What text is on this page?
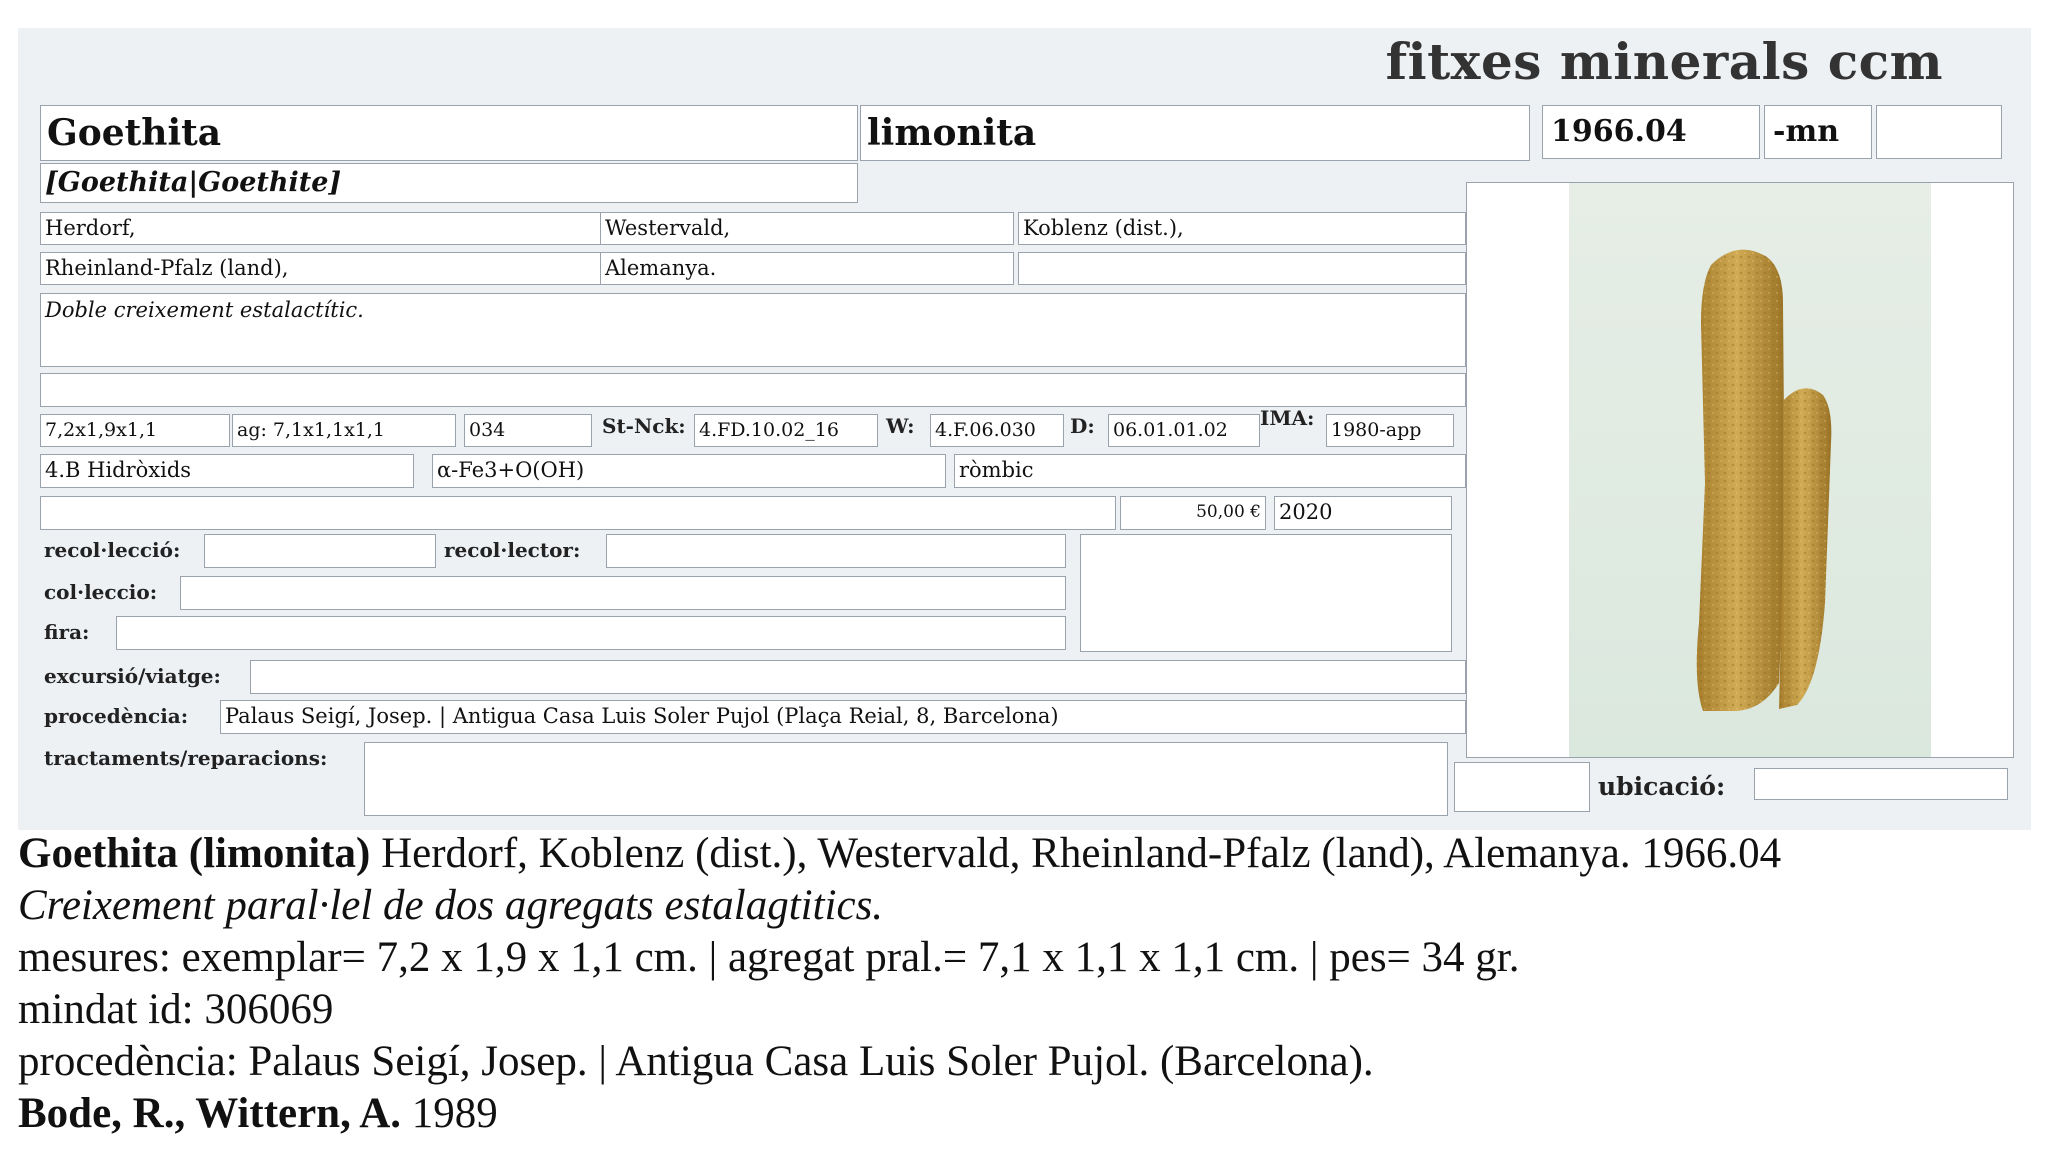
fitxes minerals ccm
Goethita	limonita	1966.04	-mn
[Goethita|Goethite]
Herdorf,	Westervald,	Koblenz (dist.),
Rheinland-Pfalz (land),	Alemanya.
Doble creixement estalactític.
7,2x1,9x1,1	ag: 7,1x1,1x1,1	034	St-Nck: 4.FD.10.02_16	W: 4.F.06.030	D: 06.01.01.02	IMA: 1980-app
4.B Hidròxids	α-Fe3+O(OH)	ròmbic
50,00 € 2020
recol·lecció:	recol·lector:
col·leccio:
fira:
excursió/viatge:
procedència: Palaus Seigí, Josep. | Antigua Casa Luis Soler Pujol (Plaça Reial, 8, Barcelona)
tractaments/reparacions:
ubicació:
Goethita (limonita) Herdorf, Koblenz (dist.), Westervald, Rheinland-Pfalz (land), Alemanya. 1966.04
Creixement paral·lel de dos agregats estalagtitics.
mesures: exemplar= 7,2 x 1,9 x 1,1 cm. | agregat pral.= 7,1 x 1,1 x 1,1 cm. | pes= 34 gr.
mindat id: 306069
procedència: Palaus Seigí, Josep. | Antigua Casa Luis Soler Pujol. (Barcelona).
Bode, R., Wittern, A. 1989
